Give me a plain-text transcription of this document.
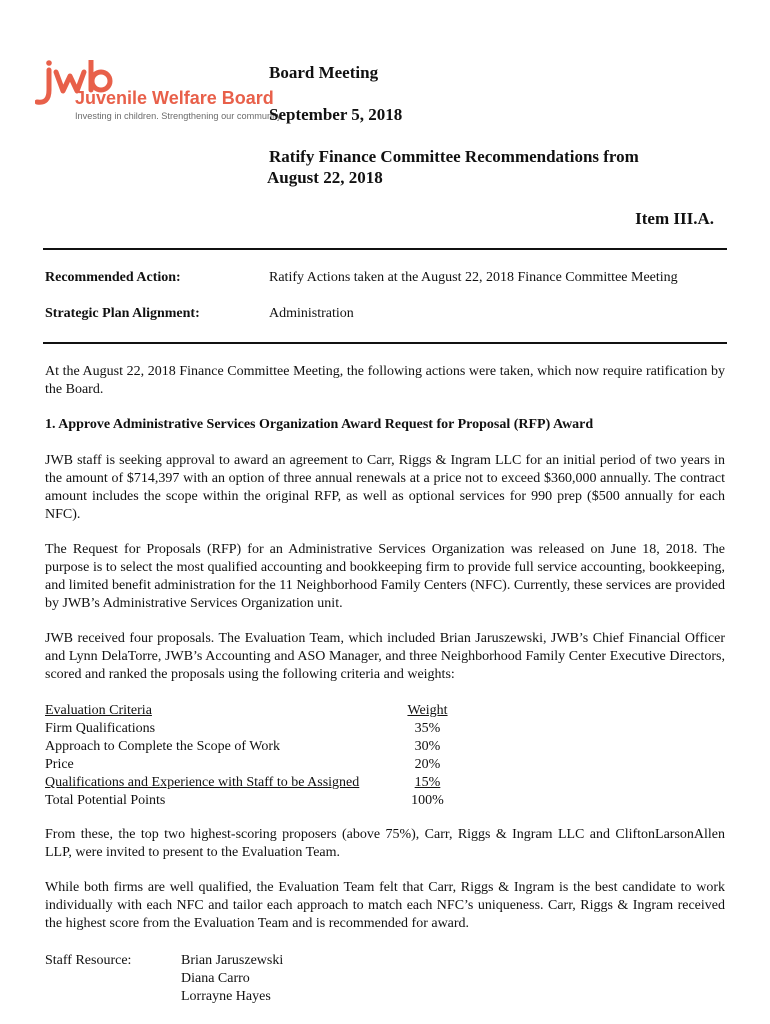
Juvenile Welfare Board
Investing in children. Strengthening our community.
Board Meeting
September 5, 2018
Ratify Finance Committee Recommendations from
August 22, 2018
Item III.A.
Recommended Action:	Ratify Actions taken at the August 22, 2018 Finance Committee Meeting
Strategic Plan Alignment:	Administration

At the August 22, 2018 Finance Committee Meeting, the following actions were taken, which now require ratification by the Board.

1. Approve Administrative Services Organization Award Request for Proposal (RFP) Award

JWB staff is seeking approval to award an agreement to Carr, Riggs & Ingram LLC for an initial period of two years in the amount of $714,397 with an option of three annual renewals at a price not to exceed $360,000 annually. The contract amount includes the scope within the original RFP, as well as optional services for 990 prep ($500 annually for each NFC).

The Request for Proposals (RFP) for an Administrative Services Organization was released on June 18, 2018. The purpose is to select the most qualified accounting and bookkeeping firm to provide full service accounting, bookkeeping, and limited benefit administration for the 11 Neighborhood Family Centers (NFC). Currently, these services are provided by JWB’s Administrative Services Organization unit.

JWB received four proposals. The Evaluation Team, which included Brian Jaruszewski, JWB’s Chief Financial Officer and Lynn DelaTorre, JWB’s Accounting and ASO Manager, and three Neighborhood Family Center Executive Directors, scored and ranked the proposals using the following criteria and weights:

Evaluation Criteria	Weight
Firm Qualifications	35%
Approach to Complete the Scope of Work	30%
Price	20%
Qualifications and Experience with Staff to be Assigned	15%
Total Potential Points	100%

From these, the top two highest-scoring proposers (above 75%), Carr, Riggs & Ingram LLC and CliftonLarsonAllen LLP, were invited to present to the Evaluation Team.

While both firms are well qualified, the Evaluation Team felt that Carr, Riggs & Ingram is the best candidate to work individually with each NFC and tailor each approach to match each NFC’s uniqueness. Carr, Riggs & Ingram received the highest score from the Evaluation Team and is recommended for award.

Staff Resource:	Brian Jaruszewski
Diana Carro
Lorrayne Hayes
